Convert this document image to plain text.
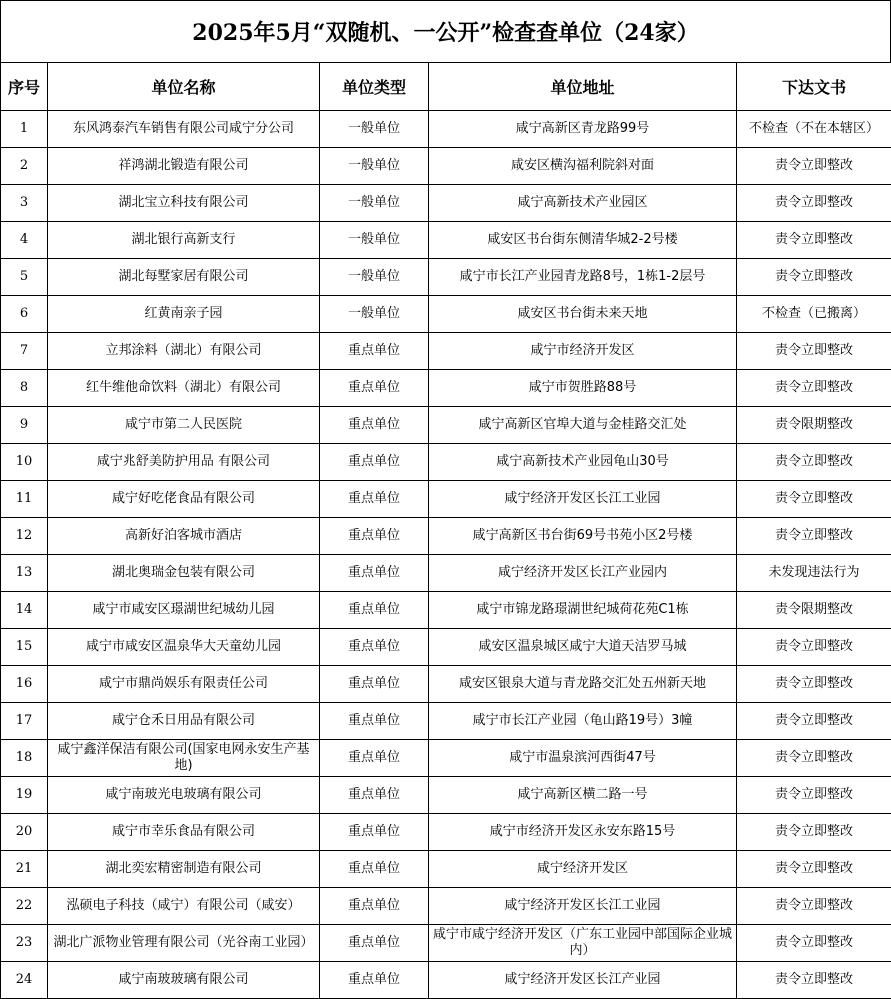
2025年5月“双随机、一公开”检查查单位（24家）
序号	单位名称	单位类型	单位地址	下达文书
1	东风鸿泰汽车销售有限公司咸宁分公司	一般单位	咸宁高新区青龙路99号	不检查（不在本辖区）
2	祥鸿湖北锻造有限公司	一般单位	咸安区横沟福利院斜对面	责令立即整改
3	湖北宝立科技有限公司	一般单位	咸宁高新技术产业园区	责令立即整改
4	湖北银行高新支行	一般单位	咸安区书台街东侧清华城2-2号楼	责令立即整改
5	湖北每墅家居有限公司	一般单位	咸宁市长江产业园青龙路8号，1栋1-2层号	责令立即整改
6	红黄南亲子园	一般单位	咸安区书台街未来天地	不检查（已搬离）
7	立邦涂料（湖北）有限公司	重点单位	咸宁市经济开发区	责令立即整改
8	红牛维他命饮料（湖北）有限公司	重点单位	咸宁市贺胜路88号	责令立即整改
9	咸宁市第二人民医院	重点单位	咸宁高新区官埠大道与金桂路交汇处	责令限期整改
10	咸宁兆舒美防护用品 有限公司	重点单位	咸宁高新技术产业园龟山30号	责令立即整改
11	咸宁好吃佬食品有限公司	重点单位	咸宁经济开发区长江工业园	责令立即整改
12	高新好泊客城市酒店	重点单位	咸宁高新区书台街69号书苑小区2号楼	责令立即整改
13	湖北奥瑞金包装有限公司	重点单位	咸宁经济开发区长江产业园内	未发现违法行为
14	咸宁市咸安区璟湖世纪城幼儿园	重点单位	咸宁市锦龙路璟湖世纪城荷花苑C1栋	责令限期整改
15	咸宁市咸安区温泉华大天童幼儿园	重点单位	咸安区温泉城区咸宁大道天洁罗马城	责令立即整改
16	咸宁市鼎尚娱乐有限责任公司	重点单位	咸安区银泉大道与青龙路交汇处五州新天地	责令立即整改
17	咸宁仓禾日用品有限公司	重点单位	咸宁市长江产业园（龟山路19号）3幢	责令立即整改
18	咸宁鑫洋保洁有限公司(国家电网永安生产基地)	重点单位	咸宁市温泉滨河西街47号	责令立即整改
19	咸宁南玻光电玻璃有限公司	重点单位	咸宁高新区横二路一号	责令立即整改
20	咸宁市幸乐食品有限公司	重点单位	咸宁市经济开发区永安东路15号	责令立即整改
21	湖北奕宏精密制造有限公司	重点单位	咸宁经济开发区	责令立即整改
22	泓硕电子科技（咸宁）有限公司（咸安）	重点单位	咸宁经济开发区长江工业园	责令立即整改
23	湖北广派物业管理有限公司（光谷南工业园）	重点单位	咸宁市咸宁经济开发区（广东工业园中部国际企业城内）	责令立即整改
24	咸宁南玻玻璃有限公司	重点单位	咸宁经济开发区长江产业园	责令立即整改
